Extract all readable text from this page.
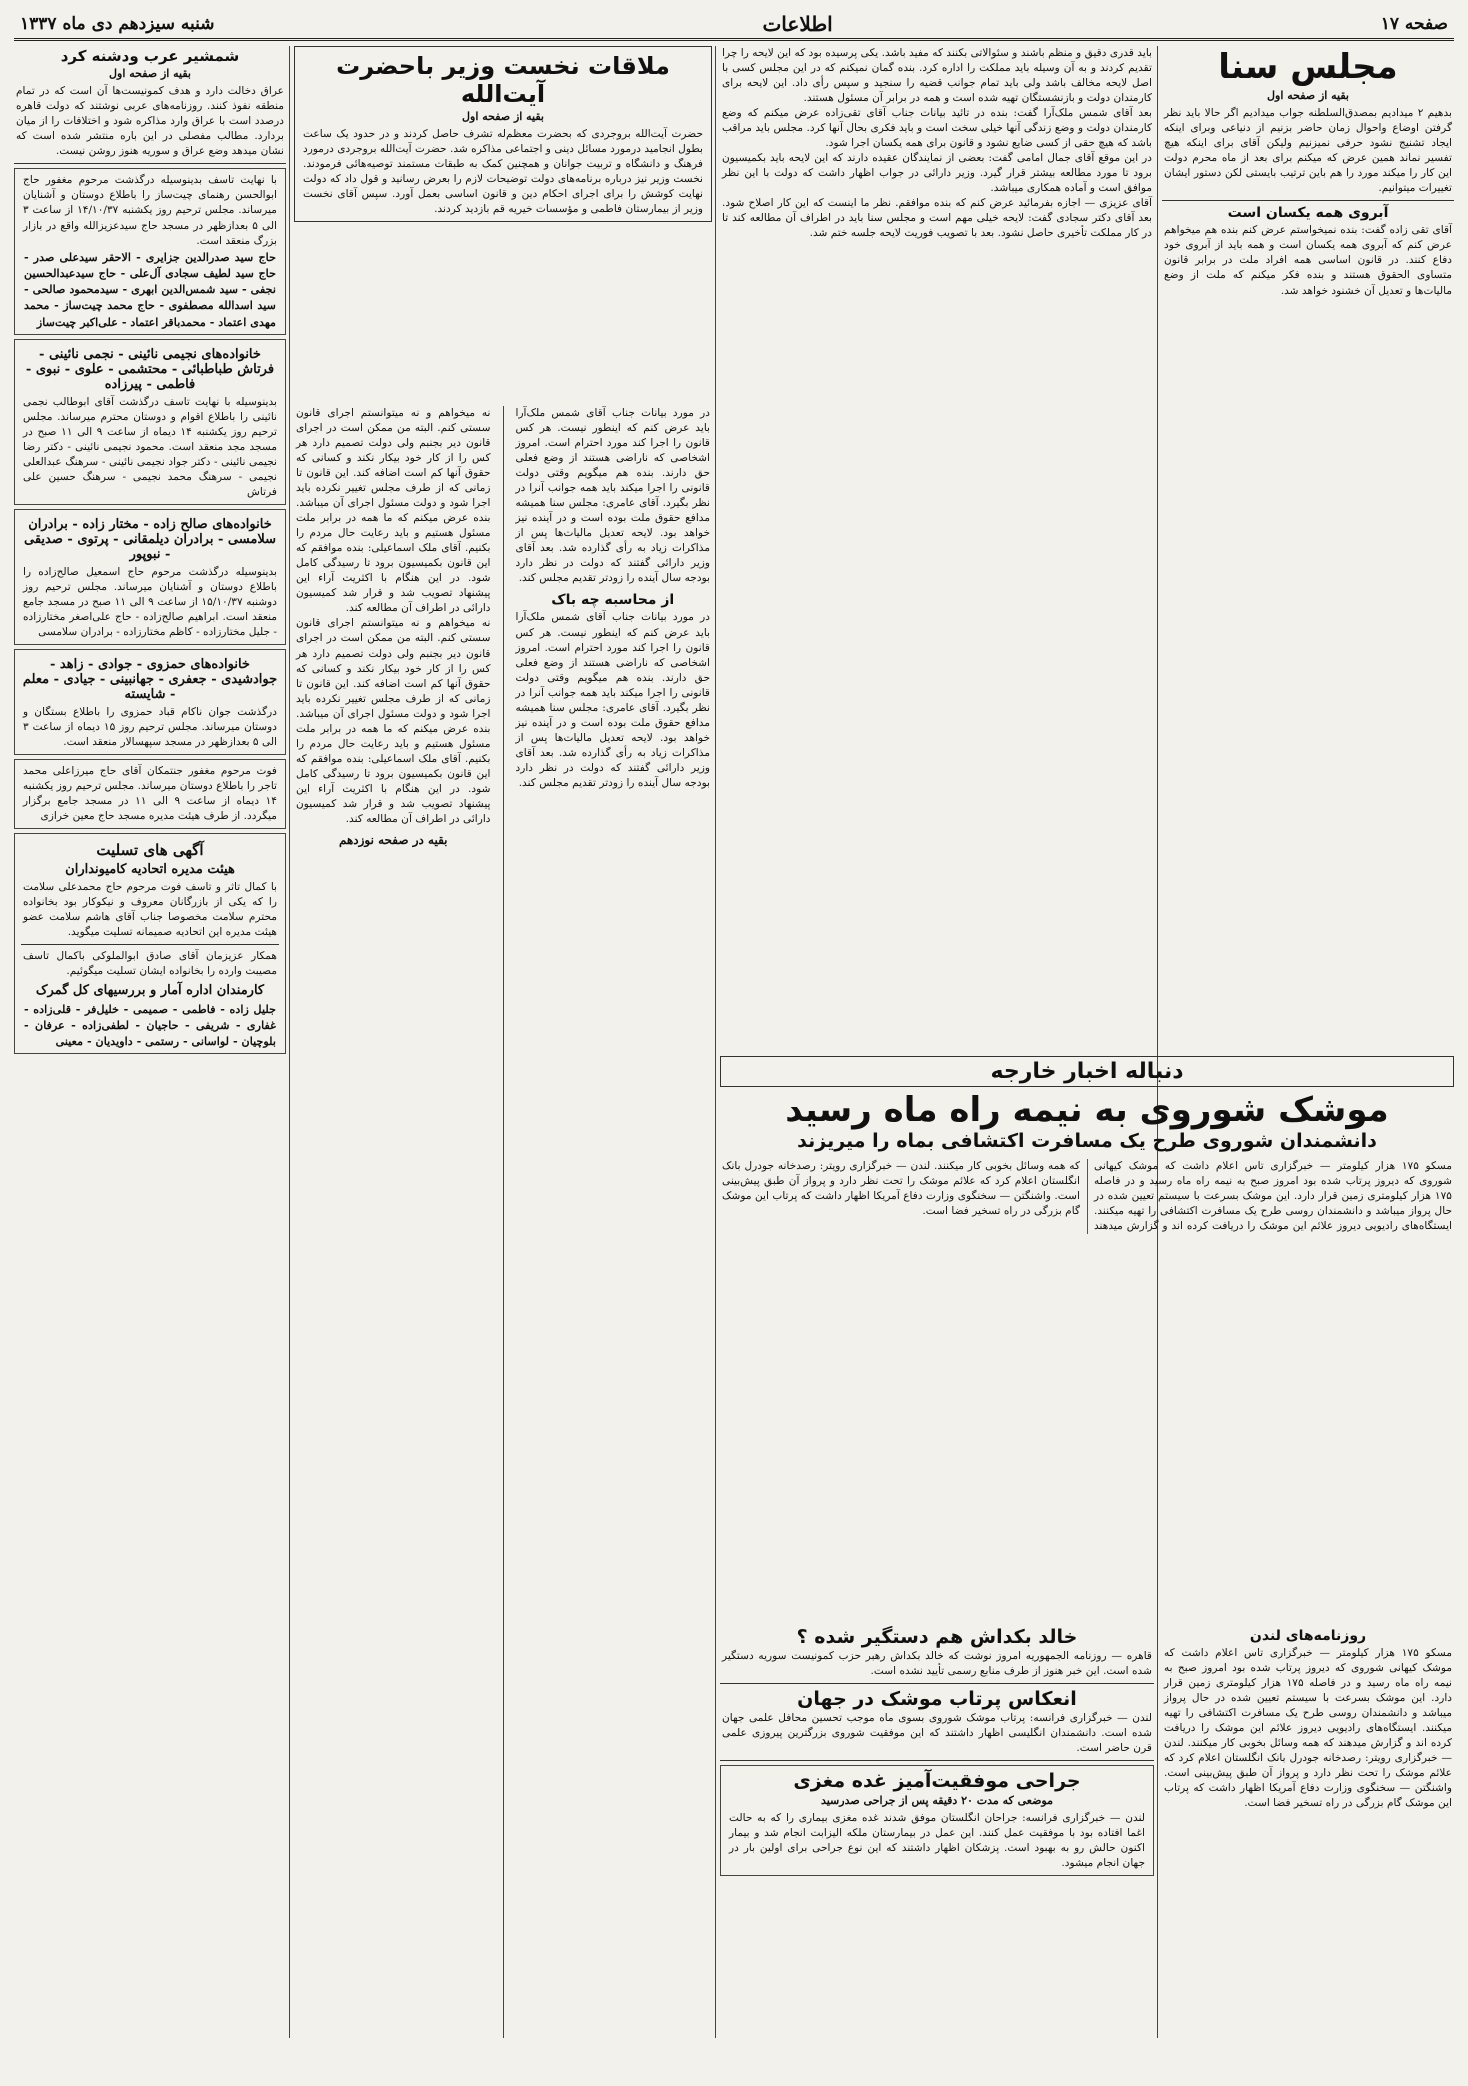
صفحه ۱۷
اطلاعات
شنبه سیزدهم دی ماه ۱۳۳۷
مجلس سنا
بقیه از صفحه اول
بدهیم ۲ میدادیم بمصدق‌السلطنه جواب میدادیم اگر حالا باید نظر گرفتن اوضاع واحوال زمان حاضر بزنیم از دنیاعی وبرای اینکه ایجاد تشنیج نشود حرفی نمیزنیم ولیکن آقای برای اینکه هیچ تفسیر نماند همین عرض که میکنم برای بعد از ماه محرم دولت این کار را میکند مورد را هم باین ترتیب بایستی لکن دستور ایشان تغییرات میتوانیم.
آبروی همه یکسان است
آقای تقی زاده گفت: بنده نمیخواستم عرض کنم بنده هم میخواهم عرض کنم که آبروی همه یکسان است و همه باید از آبروی خود دفاع کنند. در قانون اساسی همه افراد ملت در برابر قانون متساوی الحقوق هستند و بنده فکر میکنم که ملت از وضع مالیات‌ها و تعدیل آن خشنود خواهد شد.
باید قدری دقیق و منظم باشند و سئوالاتی بکنند که مفید باشد. یکی پرسیده بود که این لایحه را چرا تقدیم کردند و به آن وسیله باید مملکت را اداره کرد. بنده گمان نمیکنم که در این مجلس کسی با اصل لایحه مخالف باشد ولی باید تمام جوانب قضیه را سنجید و سپس رأی داد. این لایحه برای کارمندان دولت و بازنشستگان تهیه شده است و همه در برابر آن مسئول هستند.
بعد آقای شمس ملک‌آرا گفت: بنده در تائید بیانات جناب آقای تقی‌زاده عرض میکنم که وضع کارمندان دولت و وضع زندگی آنها خیلی سخت است و باید فکری بحال آنها کرد. مجلس باید مراقب باشد که هیچ حقی از کسی ضایع نشود و قانون برای همه یکسان اجرا شود.
در این موقع آقای جمال امامی گفت: بعضی از نمایندگان عقیده دارند که این لایحه باید بکمیسیون برود تا مورد مطالعه بیشتر قرار گیرد. وزیر دارائی در جواب اظهار داشت که دولت با این نظر موافق است و آماده همکاری میباشد.
آقای عزیزی — اجازه بفرمائید عرض کنم که بنده موافقم. نظر ما اینست که این کار اصلاح شود. بعد آقای دکتر سجادی گفت: لایحه خیلی مهم است و مجلس سنا باید در اطراف آن مطالعه کند تا در کار مملکت تأخیری حاصل نشود. بعد با تصویب فوریت لایحه جلسه ختم شد.
دنباله اخبار خارجه
موشک شوروی به نیمه راه ماه رسید
دانشمندان شوروی طرح یک مسافرت اکتشافی بماه را میریزند
مسکو ۱۷۵ هزار کیلومتر — خبرگزاری تاس اعلام داشت که موشک کیهانی شوروی که دیروز پرتاب شده بود امروز صبح به نیمه راه ماه رسید و در فاصله ۱۷۵ هزار کیلومتری زمین قرار دارد. این موشک بسرعت با سیستم تعیین شده در حال پرواز میباشد و دانشمندان روسی طرح یک مسافرت اکتشافی را تهیه میکنند. ایستگاه‌های رادیویی دیروز علائم این موشک را دریافت کرده اند و گزارش میدهند که همه وسائل بخوبی کار میکنند. لندن — خبرگزاری رویتر: رصدخانه جودرل بانک انگلستان اعلام کرد که علائم موشک را تحت نظر دارد و پرواز آن طبق پیش‌بینی است. واشنگتن — سخنگوی وزارت دفاع آمریکا اظهار داشت که پرتاب این موشک گام بزرگی در راه تسخیر فضا است.
خالد بکداش هم دستگیر شده ؟
قاهره — روزنامه الجمهوریه امروز نوشت که خالد بکداش رهبر حزب کمونیست سوریه دستگیر شده است. این خبر هنوز از طرف منابع رسمی تأیید نشده است.
انعکاس پرتاب موشک در جهان
لندن — خبرگزاری فرانسه: پرتاب موشک شوروی بسوی ماه موجب تحسین محافل علمی جهان شده است. دانشمندان انگلیسی اظهار داشتند که این موفقیت شوروی بزرگترین پیروزی علمی قرن حاضر است.
جراحی موفقیت‌آمیز غده مغزی
موضعی که مدت ۲۰ دقیقه پس از جراحی صدرسید
لندن — خبرگزاری فرانسه: جراحان انگلستان موفق شدند غده مغزی بیماری را که به حالت اغما افتاده بود با موفقیت عمل کنند. این عمل در بیمارستان ملکه الیزابت انجام شد و بیمار اکنون حالش رو به بهبود است. پزشکان اظهار داشتند که این نوع جراحی برای اولین بار در جهان انجام میشود.
روزنامه‌های لندن
مسکو ۱۷۵ هزار کیلومتر — خبرگزاری تاس اعلام داشت که موشک کیهانی شوروی که دیروز پرتاب شده بود امروز صبح به نیمه راه ماه رسید و در فاصله ۱۷۵ هزار کیلومتری زمین قرار دارد. این موشک بسرعت با سیستم تعیین شده در حال پرواز میباشد و دانشمندان روسی طرح یک مسافرت اکتشافی را تهیه میکنند. ایستگاه‌های رادیویی دیروز علائم این موشک را دریافت کرده اند و گزارش میدهند که همه وسائل بخوبی کار میکنند. لندن — خبرگزاری رویتر: رصدخانه جودرل بانک انگلستان اعلام کرد که علائم موشک را تحت نظر دارد و پرواز آن طبق پیش‌بینی است. واشنگتن — سخنگوی وزارت دفاع آمریکا اظهار داشت که پرتاب این موشک گام بزرگی در راه تسخیر فضا است.
ملاقات نخست وزیر باحضرت آیت‌الله
بقیه از صفحه اول
حضرت آیت‌الله بروجردی که بحضرت معظم‌له تشرف حاصل کردند و در حدود یک ساعت بطول انجامید درمورد مسائل دینی و اجتماعی مذاکره شد. حضرت آیت‌الله بروجردی درمورد فرهنگ و دانشگاه و تربیت جوانان و همچنین کمک به طبقات مستمند توصیه‌هائی فرمودند. نخست وزیر نیز درباره برنامه‌های دولت توضیحات لازم را بعرض رسانید و قول داد که دولت نهایت کوشش را برای اجرای احکام دین و قانون اساسی بعمل آورد. سپس آقای نخست وزیر از بیمارستان فاطمی و مؤسسات خیریه قم بازدید کردند.
در مورد بیانات جناب آقای شمس ملک‌آرا باید عرض کنم که اینطور نیست. هر کس قانون را اجرا کند مورد احترام است. امروز اشخاصی که ناراضی هستند از وضع فعلی حق دارند. بنده هم میگویم وقتی دولت قانونی را اجرا میکند باید همه جوانب آنرا در نظر بگیرد. آقای عامری: مجلس سنا همیشه مدافع حقوق ملت بوده است و در آینده نیز خواهد بود. لایحه تعدیل مالیات‌ها پس از مذاکرات زیاد به رأی گذارده شد. بعد آقای وزیر دارائی گفتند که دولت در نظر دارد بودجه سال آینده را زودتر تقدیم مجلس کند.
از محاسبه چه باک
در مورد بیانات جناب آقای شمس ملک‌آرا باید عرض کنم که اینطور نیست. هر کس قانون را اجرا کند مورد احترام است. امروز اشخاصی که ناراضی هستند از وضع فعلی حق دارند. بنده هم میگویم وقتی دولت قانونی را اجرا میکند باید همه جوانب آنرا در نظر بگیرد. آقای عامری: مجلس سنا همیشه مدافع حقوق ملت بوده است و در آینده نیز خواهد بود. لایحه تعدیل مالیات‌ها پس از مذاکرات زیاد به رأی گذارده شد. بعد آقای وزیر دارائی گفتند که دولت در نظر دارد بودجه سال آینده را زودتر تقدیم مجلس کند.
نه میخواهم و نه میتوانستم اجرای قانون سستی کنم. البته من ممکن است در اجرای قانون دیر بجنبم ولی دولت تصمیم دارد هر کس را از کار خود بیکار نکند و کسانی که حقوق آنها کم است اضافه کند. این قانون تا زمانی که از طرف مجلس تغییر نکرده باید اجرا شود و دولت مسئول اجرای آن میباشد. بنده عرض میکنم که ما همه در برابر ملت مسئول هستیم و باید رعایت حال مردم را بکنیم. آقای ملک اسماعیلی: بنده موافقم که این قانون بکمیسیون برود تا رسیدگی کامل شود. در این هنگام با اکثریت آراء این پیشنهاد تصویب شد و قرار شد کمیسیون دارائی در اطراف آن مطالعه کند.
نه میخواهم و نه میتوانستم اجرای قانون سستی کنم. البته من ممکن است در اجرای قانون دیر بجنبم ولی دولت تصمیم دارد هر کس را از کار خود بیکار نکند و کسانی که حقوق آنها کم است اضافه کند. این قانون تا زمانی که از طرف مجلس تغییر نکرده باید اجرا شود و دولت مسئول اجرای آن میباشد. بنده عرض میکنم که ما همه در برابر ملت مسئول هستیم و باید رعایت حال مردم را بکنیم. آقای ملک اسماعیلی: بنده موافقم که این قانون بکمیسیون برود تا رسیدگی کامل شود. در این هنگام با اکثریت آراء این پیشنهاد تصویب شد و قرار شد کمیسیون دارائی در اطراف آن مطالعه کند.
بقیه در صفحه نوزدهم
شمشیر عرب ودشنه کرد
بقیه از صفحه اول
عراق دخالت دارد و هدف کمونیست‌ها آن است که در تمام منطقه نفوذ کنند. روزنامه‌های عربی نوشتند که دولت قاهره درصدد است با عراق وارد مذاکره شود و اختلافات را از میان بردارد. مطالب مفصلی در این باره منتشر شده است که نشان میدهد وضع عراق و سوریه هنوز روشن نیست.
با نهایت تاسف بدینوسیله درگذشت مرحوم مغفور حاج ابوالحسن رهنمای چیت‌ساز را باطلاع دوستان و آشنایان میرساند. مجلس ترحیم روز یکشنبه ۱۴/۱۰/۳۷ از ساعت ۳ الی ۵ بعدازظهر در مسجد حاج سیدعزیزالله واقع در بازار بزرگ منعقد است.
حاج سید صدرالدین جزایری - الاحقر سیدعلی صدر - حاج سید لطیف سجادی آل‌علی - حاج سیدعبدالحسین نجفی - سید شمس‌الدین ابهری - سیدمحمود صالحی - سید اسدالله مصطفوی - حاج محمد چیت‌ساز - محمد مهدی اعتماد - محمدباقر اعتماد - علی‌اکبر چیت‌ساز
خانواده‌های نجیمی نائینی - نجمی نائینی - فرتاش طباطبائی - محتشمی - علوی - نبوی - فاطمی - پیرزاده
بدینوسیله با نهایت تاسف درگذشت آقای ابوطالب نجمی نائینی را باطلاع اقوام و دوستان محترم میرساند. مجلس ترحیم روز یکشنبه ۱۴ دیماه از ساعت ۹ الی ۱۱ صبح در مسجد مجد منعقد است. محمود نجیمی نائینی - دکتر رضا نجیمی نائینی - دکتر جواد نجیمی نائینی - سرهنگ عبدالعلی نجیمی - سرهنگ محمد نجیمی - سرهنگ حسین علی فرتاش
خانواده‌های صالح زاده - مختار زاده - برادران سلامسی - برادران دیلمقانی - پرتوی - صدیقی - نبوپور
بدینوسیله درگذشت مرحوم حاج اسمعیل صالح‌زاده را باطلاع دوستان و آشنایان میرساند. مجلس ترحیم روز دوشنبه ۱۵/۱۰/۳۷ از ساعت ۹ الی ۱۱ صبح در مسجد جامع منعقد است. ابراهیم صالح‌زاده - حاج علی‌اصغر مختارزاده - جلیل مختارزاده - کاظم مختارزاده - برادران سلامسی
خانواده‌های حمزوی - جوادی - زاهد - جوادشیدی - جعفری - جهانبینی - جیادی - معلم - شایسته
درگذشت جوان ناکام قباد حمزوی را باطلاع بستگان و دوستان میرساند. مجلس ترحیم روز ۱۵ دیماه از ساعت ۳ الی ۵ بعدازظهر در مسجد سپهسالار منعقد است.
فوت مرحوم مغفور جنتمکان آقای حاج میرزاعلی محمد تاجر را باطلاع دوستان میرساند. مجلس ترحیم روز یکشنبه ۱۴ دیماه از ساعت ۹ الی ۱۱ در مسجد جامع برگزار میگردد. از طرف هیئت مدیره مسجد حاج معین خرازی
آگهی های تسلیت
هیئت مدیره اتحادیه کامیونداران
با کمال تاثر و تاسف فوت مرحوم حاج محمدعلی سلامت را که یکی از بازرگانان معروف و نیکوکار بود بخانواده محترم سلامت مخصوصا جناب آقای هاشم سلامت عضو هیئت مدیره این اتحادیه صمیمانه تسلیت میگوید.
همکار عزیزمان آقای صادق ابوالملوکی باکمال تاسف مصیبت وارده را بخانواده ایشان تسلیت میگوئیم.
کارمندان اداره آمار و بررسیهای کل گمرک
جلیل زاده - فاطمی - صمیمی - خلیل‌فر - قلی‌زاده - غفاری - شریفی - حاجیان - لطفی‌زاده - عرفان - بلوچیان - لواسانی - رستمی - داویدیان - معینی
